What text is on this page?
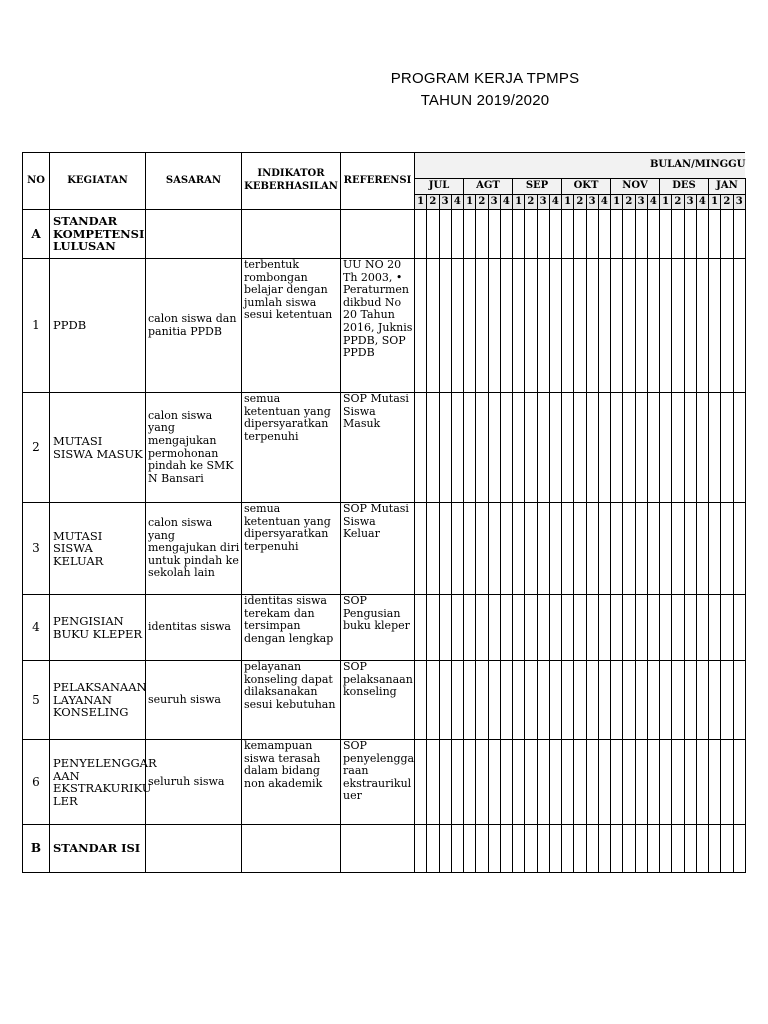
PROGRAM KERJA TPMPS
TAHUN 2019/2020
NO	KEGIATAN	SASARAN	INDIKATOR KEBERHASILAN	REFERENSI	BULAN/MINGGU																										
					JUL				AGT				SEP				OKT				NOV				DES				JAN		
					1	2	3	4	1	2	3	4	1	2	3	4	1	2	3	4	1	2	3	4	1	2	3	4	1	2	3
A	STANDAR KOMPETENSI LULUSAN																														
1	PPDB	calon siswa dan panitia PPDB	terbentuk rombongan belajar dengan jumlah siswa sesui ketentuan	UU NO 20 Th 2003, • Peraturmen dikbud No 20 Tahun 2016, Juknis PPDB, SOP PPDB																											
2	MUTASI SISWA MASUK	calon siswa yang mengajukan permohonan pindah ke SMK N Bansari	semua ketentuan yang dipersyaratkan terpenuhi	SOP Mutasi Siswa Masuk																											
3	MUTASI SISWA KELUAR	calon siswa yang mengajukan diri untuk pindah ke sekolah lain	semua ketentuan yang dipersyaratkan terpenuhi	SOP Mutasi Siswa Keluar																											
4	PENGISIAN BUKU KLEPER	identitas siswa	identitas siswa terekam dan tersimpan dengan lengkap	SOP Pengusian buku kleper																											
5	PELAKSANAAN LAYANAN KONSELING	seuruh siswa	pelayanan konseling dapat dilaksanakan sesui kebutuhan	SOP pelaksanaan konseling																											
6	PENYELENGGAR AAN EKSTRAKURIKU LER	seluruh siswa	kemampuan siswa terasah dalam bidang non akademik	SOP penyelengga raan ekstraurikul uer																											
B	STANDAR ISI																														
